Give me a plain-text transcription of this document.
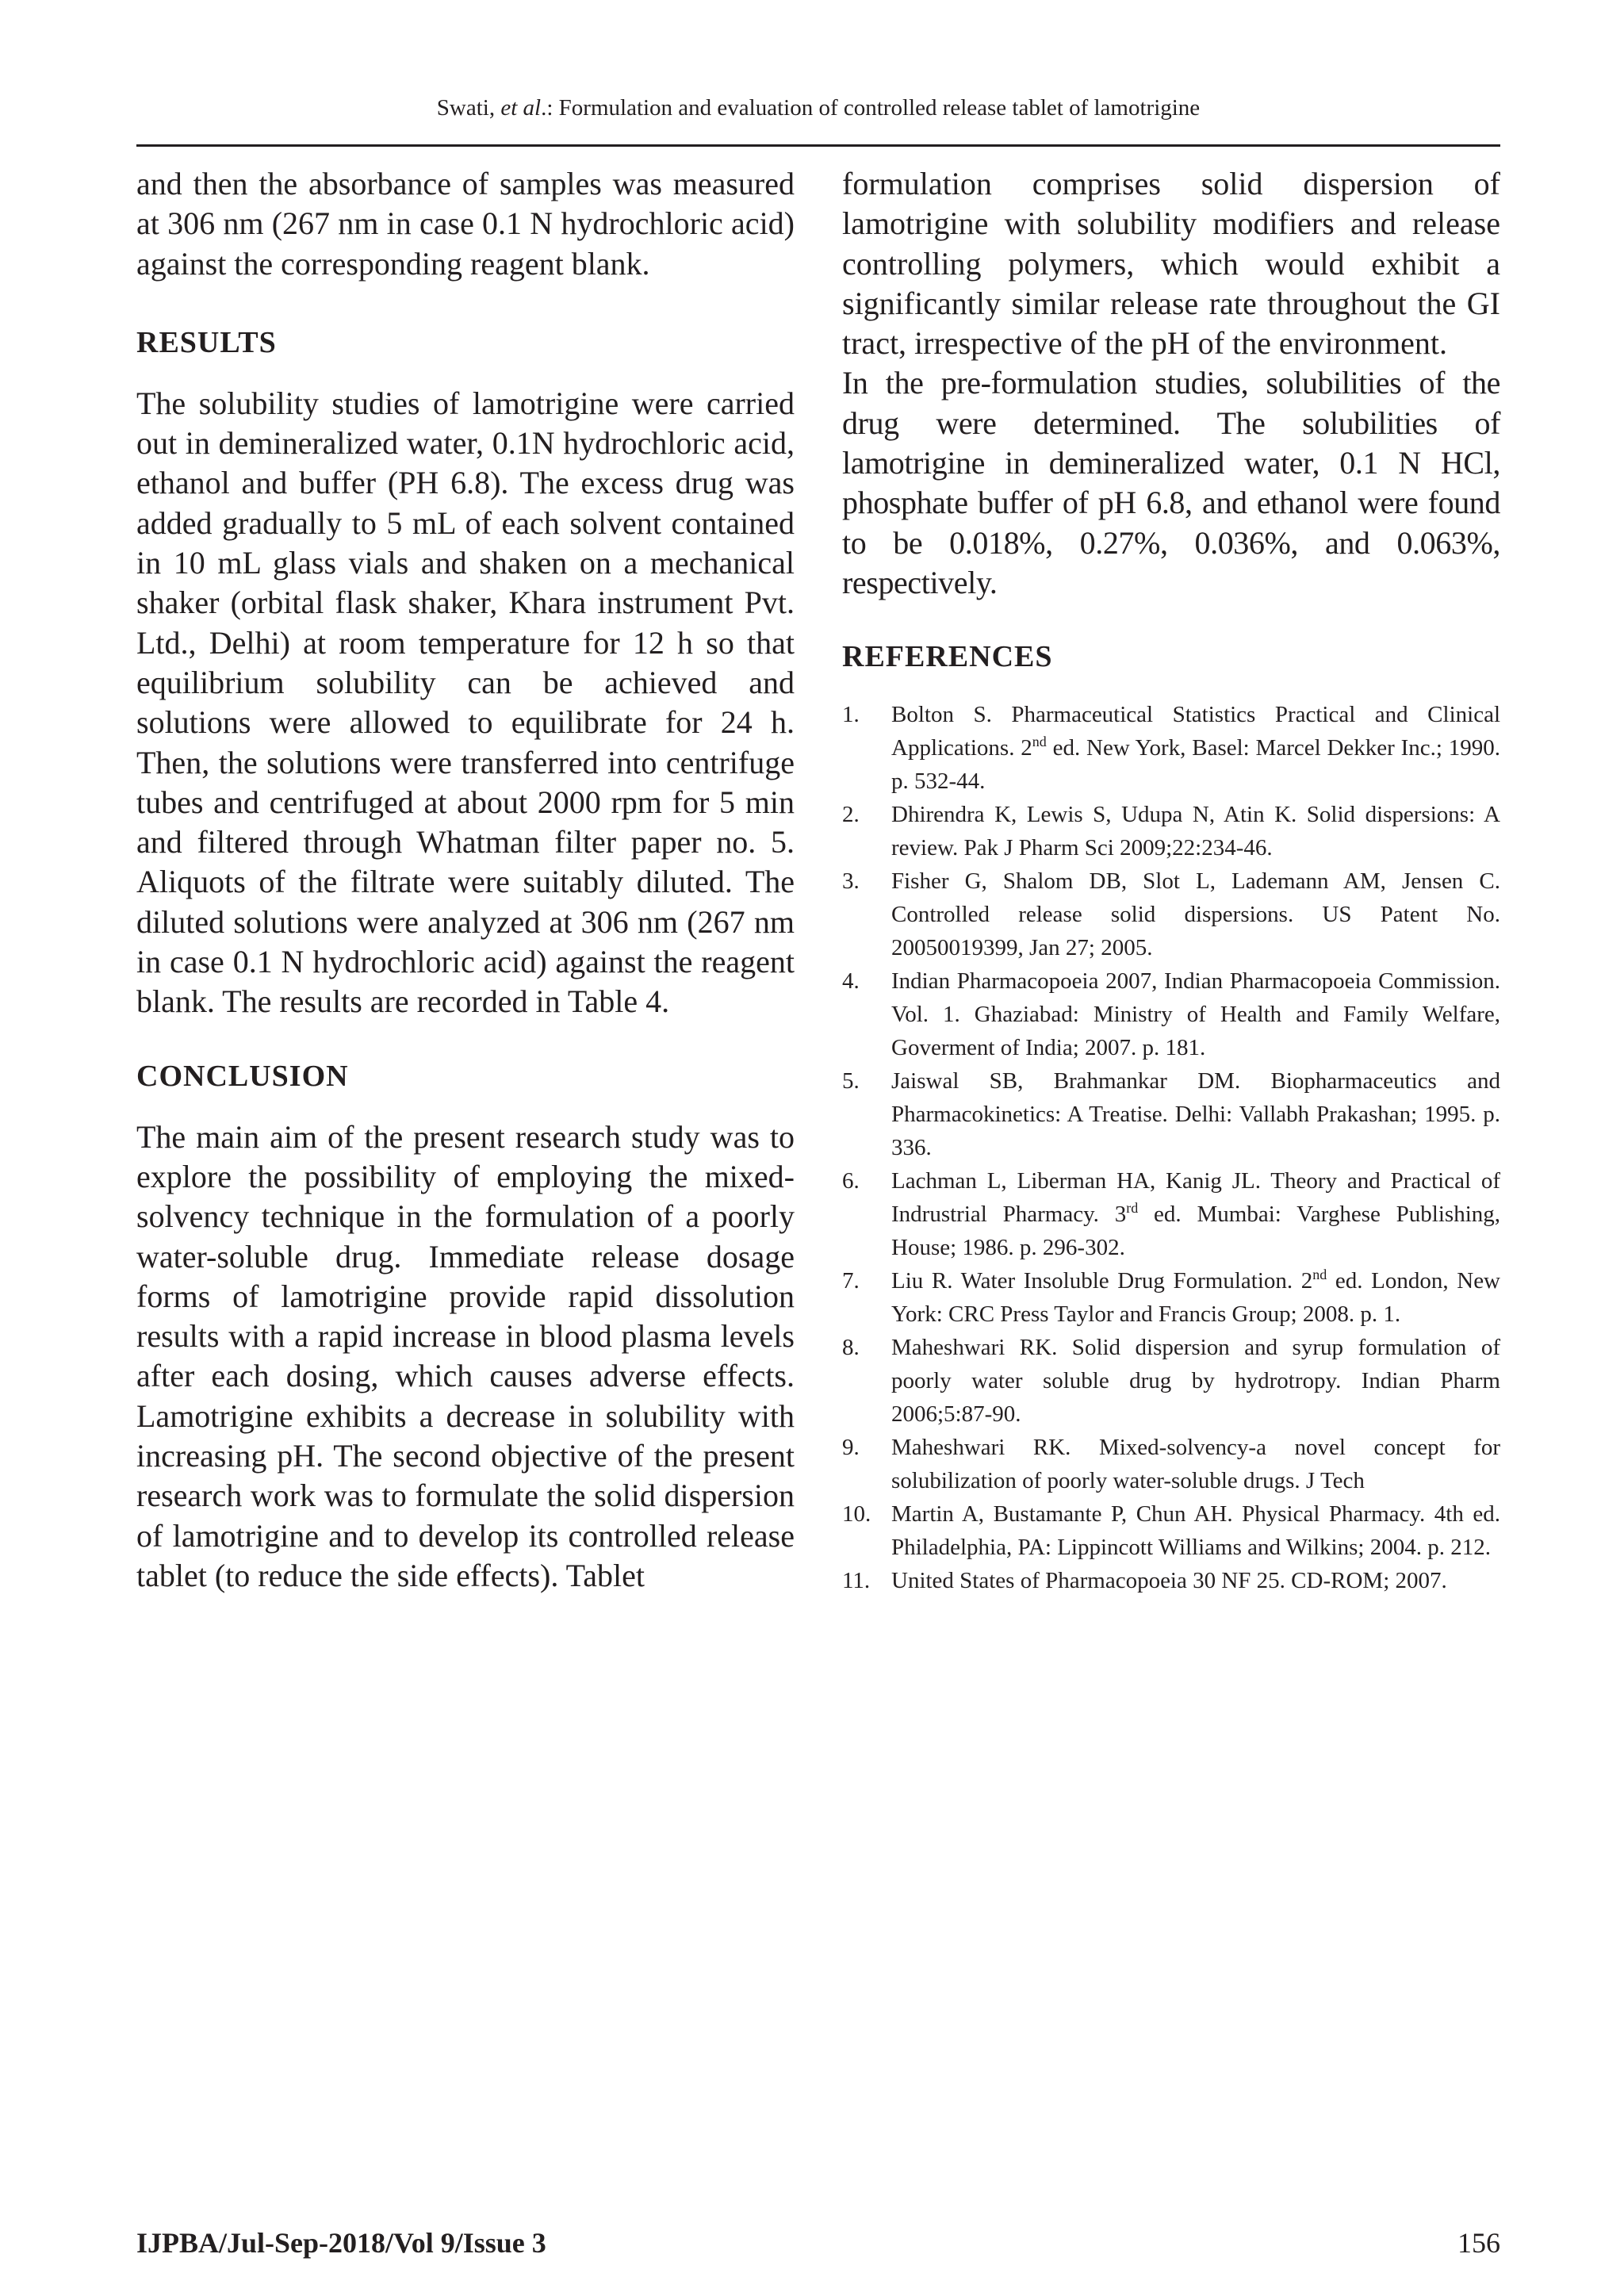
Swati, et al.: Formulation and evaluation of controlled release tablet of lamotrigine

and then the absorbance of samples was measured at 306 nm (267 nm in case 0.1 N hydrochloric acid) against the corresponding reagent blank.

RESULTS

The solubility studies of lamotrigine were carried out in demineralized water, 0.1N hydrochloric acid, ethanol and buffer (PH 6.8). The excess drug was added gradually to 5 mL of each solvent contained in 10 mL glass vials and shaken on a mechanical shaker (orbital flask shaker, Khara instrument Pvt. Ltd., Delhi) at room temperature for 12 h so that equilibrium solubility can be achieved and solutions were allowed to equilibrate for 24 h. Then, the solutions were transferred into centrifuge tubes and centrifuged at about 2000 rpm for 5 min and filtered through Whatman filter paper no. 5. Aliquots of the filtrate were suitably diluted. The diluted solutions were analyzed at 306 nm (267 nm in case 0.1 N hydrochloric acid) against the reagent blank. The results are recorded in Table 4.

CONCLUSION

The main aim of the present research study was to explore the possibility of employing the mixed-solvency technique in the formulation of a poorly water-soluble drug. Immediate release dosage forms of lamotrigine provide rapid dissolution results with a rapid increase in blood plasma levels after each dosing, which causes adverse effects. Lamotrigine exhibits a decrease in solubility with increasing pH. The second objective of the present research work was to formulate the solid dispersion of lamotrigine and to develop its controlled release tablet (to reduce the side effects). Tablet

formulation comprises solid dispersion of lamotrigine with solubility modifiers and release controlling polymers, which would exhibit a significantly similar release rate throughout the GI tract, irrespective of the pH of the environment.

In the pre-formulation studies, solubilities of the drug were determined. The solubilities of lamotrigine in demineralized water, 0.1 N HCl, phosphate buffer of pH 6.8, and ethanol were found to be 0.018%, 0.27%, 0.036%, and 0.063%, respectively.

REFERENCES
1.	Bolton S. Pharmaceutical Statistics Practical and Clinical Applications. 2nd ed. New York, Basel: Marcel Dekker Inc.; 1990. p. 532-44.
2.	Dhirendra K, Lewis S, Udupa N, Atin K. Solid dispersions: A review. Pak J Pharm Sci 2009;22:234-46.
3.	Fisher G, Shalom DB, Slot L, Lademann AM, Jensen C. Controlled release solid dispersions. US Patent No. 20050019399, Jan 27; 2005.
4.	Indian Pharmacopoeia 2007, Indian Pharmacopoeia Commission. Vol. 1. Ghaziabad: Ministry of Health and Family Welfare, Goverment of India; 2007. p. 181.
5.	Jaiswal SB, Brahmankar DM. Biopharmaceutics and Pharmacokinetics: A Treatise. Delhi: Vallabh Prakashan; 1995. p. 336.
6.	Lachman L, Liberman HA, Kanig JL. Theory and Practical of Indrustrial Pharmacy. 3rd ed. Mumbai: Varghese Publishing, House; 1986. p. 296-302.
7.	Liu R. Water Insoluble Drug Formulation. 2nd ed. London, New York: CRC Press Taylor and Francis Group; 2008. p. 1.
8.	Maheshwari RK. Solid dispersion and syrup formulation of poorly water soluble drug by hydrotropy. Indian Pharm 2006;5:87-90.
9.	Maheshwari RK. Mixed-solvency-a novel concept for solubilization of poorly water-soluble drugs. J Tech
10. Martin A, Bustamante P, Chun AH. Physical Pharmacy. 4th ed. Philadelphia, PA: Lippincott Williams and Wilkins; 2004. p. 212.
11. United States of Pharmacopoeia 30 NF 25. CD-ROM; 2007.
IJPBA/Jul-Sep-2018/Vol 9/Issue 3	156
